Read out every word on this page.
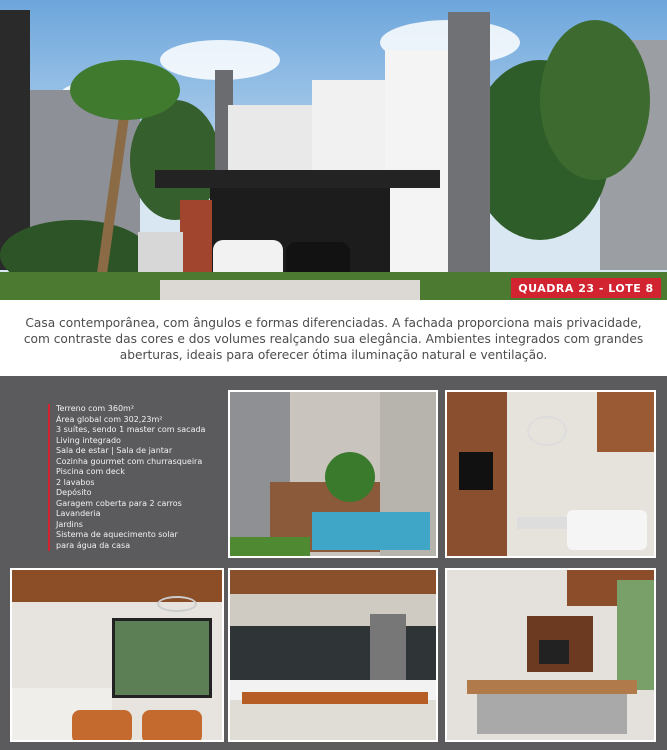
QUADRA 23 - LOTE 8
Casa contemporânea, com ângulos e formas diferenciadas. A fachada proporciona mais privacidade, com contraste das cores e dos volumes realçando sua elegância. Ambientes integrados com grandes aberturas, ideais para oferecer ótima iluminação natural e ventilação.
Terreno com 360m²
Área global com 302,23m²
3 suítes, sendo 1 master com sacada
Living integrado
Sala de estar | Sala de jantar
Cozinha gourmet com churrasqueira
Piscina com deck
2 lavabos
Depósito
Garagem coberta para 2 carros
Lavanderia
Jardins
Sistema de aquecimento solar
para água da casa
